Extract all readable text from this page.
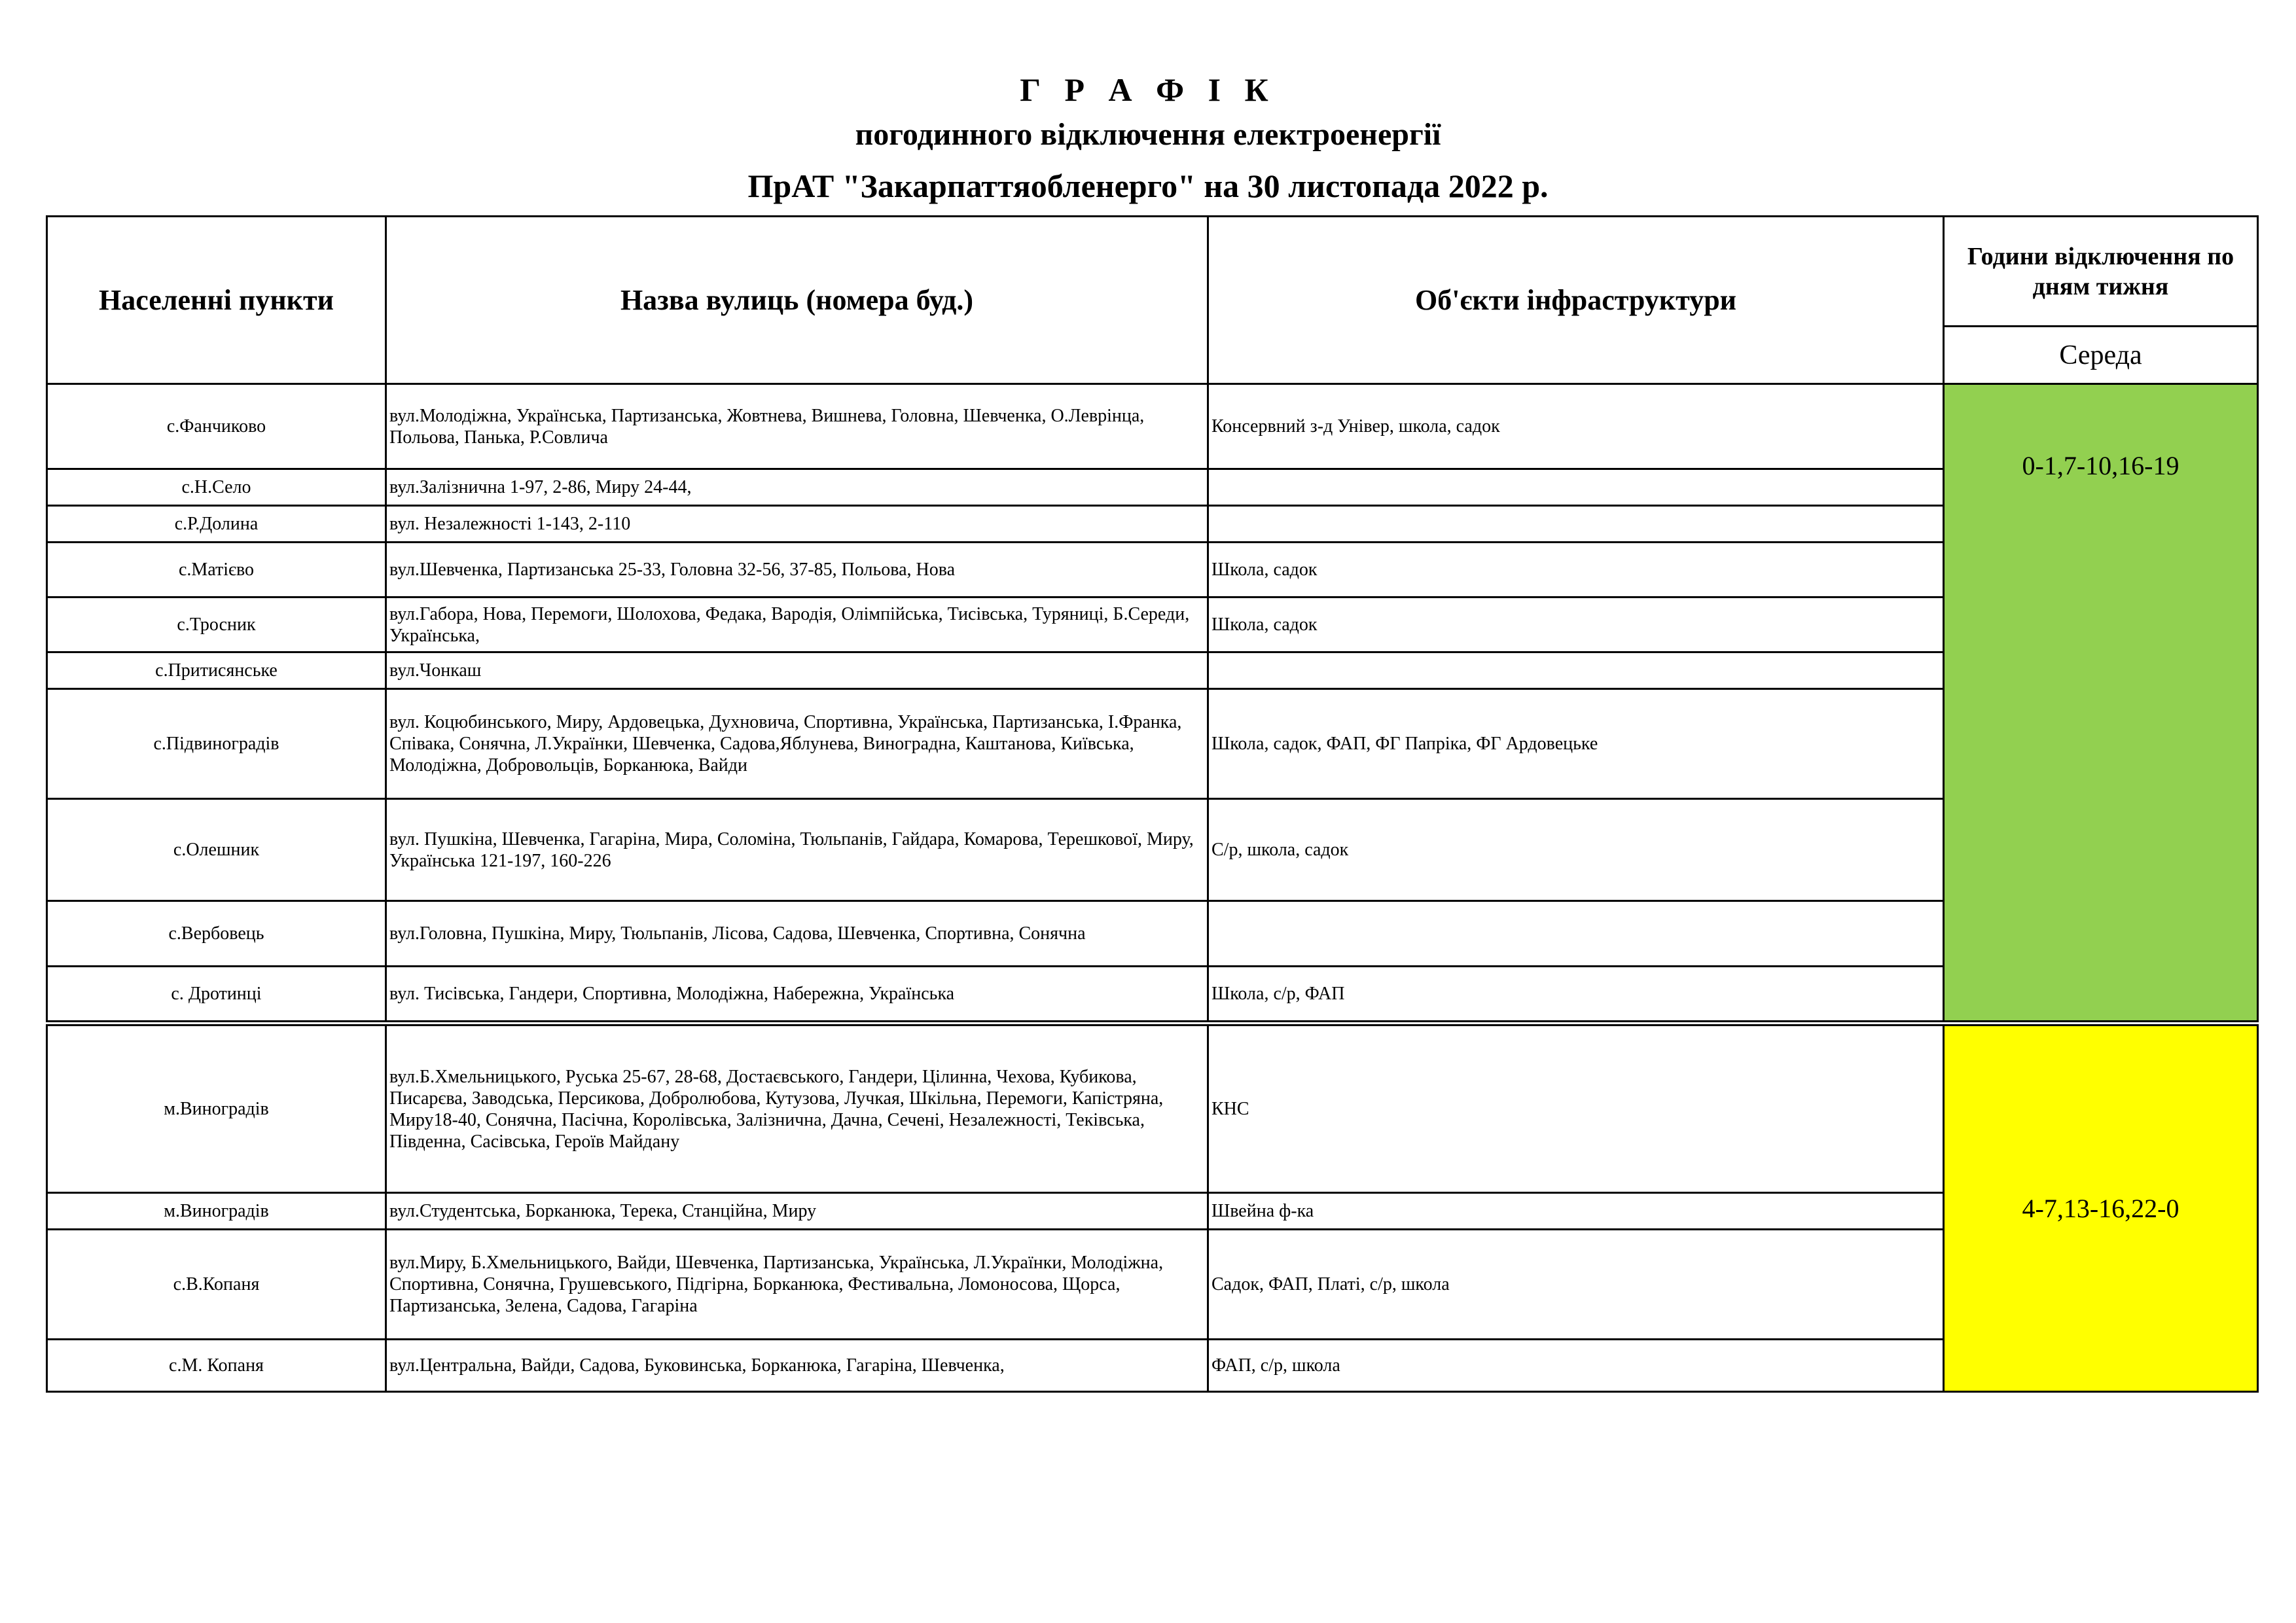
Г Р А Ф І К
погодинного відключення електроенергії
ПрАТ "Закарпаттяобленерго" на 30 листопада 2022 р.
Населенні пункти	Назва вулиць (номера буд.)	Об'єкти інфраструктури	Години відключення по дням тижня
			Середа
с.Фанчиково	вул.Молодіжна, Українська, Партизанська, Жовтнева, Вишнева, Головна, Шевченка, О.Леврінца, Польова, Панька, Р.Совлича	Консервний з-д Універ, школа, садок	0-1,7-10,16-19
с.Н.Село	вул.Залізнична 1-97, 2-86, Миру 24-44,		
с.Р.Долина	вул. Незалежності 1-143, 2-110		
с.Матієво	вул.Шевченка, Партизанська 25-33, Головна 32-56, 37-85, Польова, Нова	Школа, садок	
с.Тросник	вул.Габора, Нова, Перемоги, Шолохова, Федака, Вародія, Олімпійська, Тисівська, Туряниці, Б.Середи, Українська,	Школа, садок	
с.Притисянське	вул.Чонкаш		
с.Підвиноградів	вул. Коцюбинського, Миру, Ардовецька, Духновича, Спортивна, Українська, Партизанська, І.Франка, Співака, Сонячна, Л.Українки, Шевченка, Садова,Яблунева, Виноградна, Каштанова, Київська, Молодіжна, Добровольців, Борканюка, Вайди	Школа, садок, ФАП, ФГ Папріка, ФГ Ардовецьке	
с.Олешник	вул. Пушкіна, Шевченка, Гагаріна, Мира, Соломіна, Тюльпанів, Гайдара, Комарова, Терешкової, Миру, Українська 121-197, 160-226	С/р, школа, садок	
с.Вербовець	вул.Головна, Пушкіна, Миру, Тюльпанів, Лісова, Садова, Шевченка, Спортивна, Сонячна		
с. Дротинці	вул. Тисівська, Гандери, Спортивна, Молодіжна, Набережна, Українська	Школа, с/р, ФАП	
м.Виноградів	вул.Б.Хмельницького, Руська 25-67, 28-68, Достаєвського, Гандери, Цілинна, Чехова, Кубикова, Писарєва, Заводська, Персикова, Добролюбова, Кутузова, Лучкая, Шкільна, Перемоги, Капістряна, Миру18-40, Сонячна, Пасічна, Королівська, Залізнична, Дачна, Сечені, Незалежності, Теківська, Південна, Сасівська, Героїв Майдану	КНС	4-7,13-16,22-0
м.Виноградів	вул.Студентська, Борканюка, Терека, Станційна, Миру	Швейна ф-ка	
с.В.Копаня	вул.Миру, Б.Хмельницького, Вайди, Шевченка, Партизанська, Українська, Л.Українки, Молодіжна, Спортивна, Сонячна, Грушевського, Підгірна, Борканюка, Фестивальна, Ломоносова, Щорса, Партизанська, Зелена, Садова, Гагаріна	Садок, ФАП, Платі, с/р, школа	
с.М. Копаня	вул.Центральна, Вайди, Садова, Буковинська, Борканюка, Гагаріна, Шевченка,	ФАП, с/р, школа	
